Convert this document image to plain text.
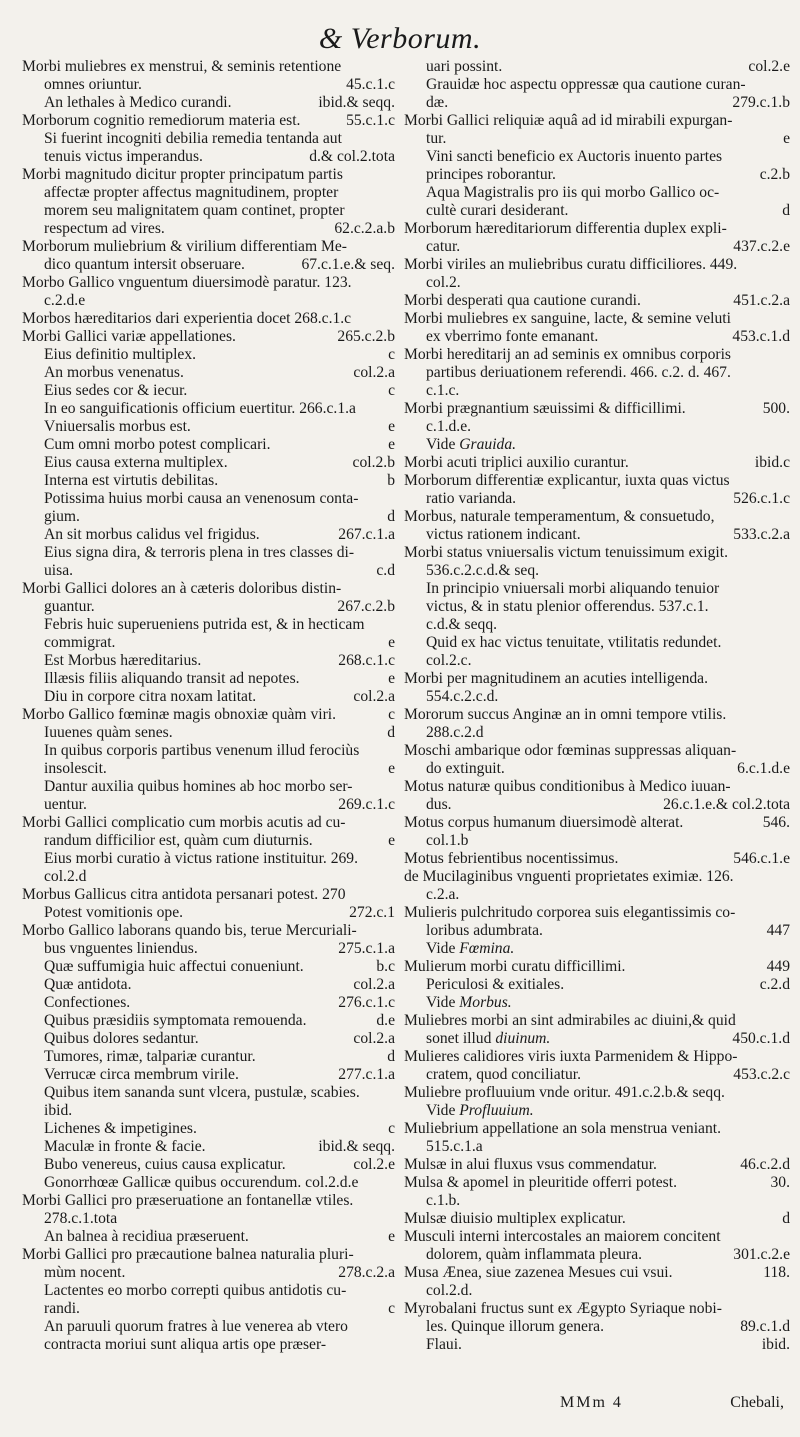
& Verborum.
Morbi muliebres ex menstrui, & seminis retentione
omnes oriuntur.	45.c.1.c
An lethales à Medico curandi.	ibid.& seqq.
Morborum cognitio remediorum materia est.	55.c.1.c
Si fuerint incogniti debilia remedia tentanda aut
tenuis victus imperandus.	d.& col.2.tota
Morbi magnitudo dicitur propter principatum partis
affectæ propter affectus magnitudinem, propter
morem seu malignitatem quam continet, propter
respectum ad vires.	62.c.2.a.b
Morborum muliebrium & virilium differentiam Me-
dico quantum intersit obseruare.	67.c.1.e.& seq.
Morbo Gallico vnguentum diuersimodè paratur. 123.
c.2.d.e
Morbos hæreditarios dari experientia docet 268.c.1.c
Morbi Gallici variæ appellationes.	265.c.2.b
Eius definitio multiplex.	c
An morbus venenatus.	col.2.a
Eius sedes cor & iecur.	c
In eo sanguificationis officium euertitur. 266.c.1.a
Vniuersalis morbus est.	e
Cum omni morbo potest complicari.	e
Eius causa externa multiplex.	col.2.b
Interna est virtutis debilitas.	b
Potissima huius morbi causa an venenosum conta-
gium.	d
An sit morbus calidus vel frigidus.	267.c.1.a
Eius signa dira, & terroris plena in tres classes di-
uisa.	c.d
Morbi Gallici dolores an à cæteris doloribus distin-
guantur.	267.c.2.b
Febris huic superueniens putrida est, & in hecticam
commigrat.	e
Est Morbus hæreditarius.	268.c.1.c
Illæsis filiis aliquando transit ad nepotes.	e
Diu in corpore citra noxam latitat.	col.2.a
Morbo Gallico fœminæ magis obnoxiæ quàm viri.	c
Iuuenes quàm senes.	d
In quibus corporis partibus venenum illud ferociùs
insolescit.	e
Dantur auxilia quibus homines ab hoc morbo ser-
uentur.	269.c.1.c
Morbi Gallici complicatio cum morbis acutis ad cu-
randum difficilior est, quàm cum diuturnis.	e
Eius morbi curatio à victus ratione instituitur. 269.
col.2.d
Morbus Gallicus citra antidota persanari potest. 270
Potest vomitionis ope.	272.c.1
Morbo Gallico laborans quando bis, terue Mercuriali-
bus vnguentes liniendus.	275.c.1.a
Quæ suffumigia huic affectui conueniunt.	b.c
Quæ antidota.	col.2.a
Confectiones.	276.c.1.c
Quibus præsidiis symptomata remouenda.	d.e
Quibus dolores sedantur.	col.2.a
Tumores, rimæ, talpariæ curantur.	d
Verrucæ circa membrum virile.	277.c.1.a
Quibus item sananda sunt vlcera, pustulæ, scabies.
ibid.
Lichenes & impetigines.	c
Maculæ in fronte & facie.	ibid.& seqq.
Bubo venereus, cuius causa explicatur.	col.2.e
Gonorrhœæ Gallicæ quibus occurendum. col.2.d.e
Morbi Gallici pro præseruatione an fontanellæ vtiles.
278.c.1.tota
An balnea à recidiua præseruent.	e
Morbi Gallici pro præcautione balnea naturalia pluri-
mùm nocent.	278.c.2.a
Lactentes eo morbo correpti quibus antidotis cu-
randi.	c
An paruuli quorum fratres à lue venerea ab vtero
contracta moriui sunt aliqua artis ope præser-
uari possint.	col.2.e
Grauidæ hoc aspectu oppressæ qua cautione curan-
dæ.	279.c.1.b
Morbi Gallici reliquiæ aquâ ad id mirabili expurgan-
tur.	e
Vini sancti beneficio ex Auctoris inuento partes
principes roborantur.	c.2.b
Aqua Magistralis pro iis qui morbo Gallico oc-
cultè curari desiderant.	d
Morborum hæreditariorum differentia duplex expli-
catur.	437.c.2.e
Morbi viriles an muliebribus curatu difficiliores. 449.
col.2.
Morbi desperati qua cautione curandi.	451.c.2.a
Morbi muliebres ex sanguine, lacte, & semine veluti
ex vberrimo fonte emanant.	453.c.1.d
Morbi hereditarij an ad seminis ex omnibus corporis
partibus deriuationem referendi. 466. c.2. d. 467.
c.1.c.
Morbi prægnantium sæuissimi & difficillimi.	500.
c.1.d.e.
Vide Grauida.
Morbi acuti triplici auxilio curantur.	ibid.c
Morborum differentiæ explicantur, iuxta quas victus
ratio varianda.	526.c.1.c
Morbus, naturale temperamentum, & consuetudo,
victus rationem indicant.	533.c.2.a
Morbi status vniuersalis victum tenuissimum exigit.
536.c.2.c.d.& seq.
In principio vniuersali morbi aliquando tenuior
victus, & in statu plenior offerendus. 537.c.1.
c.d.& seqq.
Quid ex hac victus tenuitate, vtilitatis redundet.
col.2.c.
Morbi per magnitudinem an acuties intelligenda.
554.c.2.c.d.
Mororum succus Anginæ an in omni tempore vtilis.
288.c.2.d
Moschi ambarique odor fœminas suppressas aliquan-
do extinguit.	6.c.1.d.e
Motus naturæ quibus conditionibus à Medico iuuan-
dus.	26.c.1.e.& col.2.tota
Motus corpus humanum diuersimodè alterat.	546.
col.1.b
Motus febrientibus nocentissimus.	546.c.1.e
de Mucilaginibus vnguenti proprietates eximiæ. 126.
c.2.a.
Mulieris pulchritudo corporea suis elegantissimis co-
loribus adumbrata.	447
Vide Fœmina.
Mulierum morbi curatu difficillimi.	449
Periculosi & exitiales.	c.2.d
Vide Morbus.
Muliebres morbi an sint admirabiles ac diuini,& quid
sonet illud diuinum.	450.c.1.d
Mulieres calidiores viris iuxta Parmenidem & Hippo-
cratem, quod conciliatur.	453.c.2.c
Muliebre profluuium vnde oritur. 491.c.2.b.& seqq.
Vide Profluuium.
Muliebrium appellatione an sola menstrua veniant.
515.c.1.a
Mulsæ in alui fluxus vsus commendatur.	46.c.2.d
Mulsa & apomel in pleuritide offerri potest.	30.
c.1.b.
Mulsæ diuisio multiplex explicatur.	d
Musculi interni intercostales an maiorem concitent
dolorem, quàm inflammata pleura.	301.c.2.e
Musa Ænea, siue zazenea Mesues cui vsui.	118.
col.2.d.
Myrobalani fructus sunt ex Ægypto Syriaque nobi-
les. Quinque illorum genera.	89.c.1.d
Flaui.	ibid.
MMm 4	Chebali,
